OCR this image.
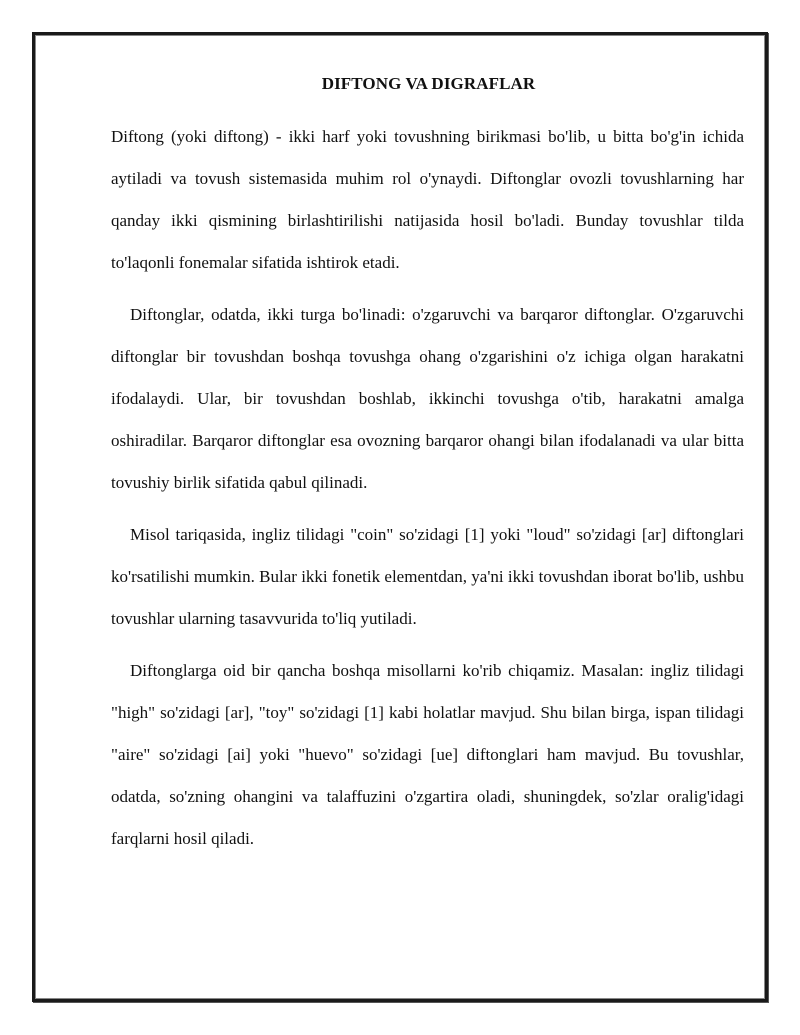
DIFTONG VA DIGRAFLAR

Diftong (yoki diftong) - ikki harf yoki tovushning birikmasi bo'lib, u bitta bo'g'in ichida aytiladi va tovush sistemasida muhim rol o'ynaydi. Diftonglar ovozli tovushlarning har qanday ikki qismining birlashtirilishi natijasida hosil bo'ladi. Bunday tovushlar tilda to'laqonli fonemalar sifatida ishtirok etadi.

Diftonglar, odatda, ikki turga bo'linadi: o'zgaruvchi va barqaror diftonglar. O'zgaruvchi diftonglar bir tovushdan boshqa tovushga ohang o'zgarishini o'z ichiga olgan harakatni ifodalaydi. Ular, bir tovushdan boshlab, ikkinchi tovushga o'tib, harakatni amalga oshiradilar. Barqaror diftonglar esa ovozning barqaror ohangi bilan ifodalanadi va ular bitta tovushiy birlik sifatida qabul qilinadi.

Misol tariqasida, ingliz tilidagi "coin" so'zidagi [1] yoki "loud" so'zidagi [ar] diftonglari ko'rsatilishi mumkin. Bular ikki fonetik elementdan, ya'ni ikki tovushdan iborat bo'lib, ushbu tovushlar ularning tasavvurida to'liq yutiladi.

Diftonglarga oid bir qancha boshqa misollarni ko'rib chiqamiz. Masalan: ingliz tilidagi "high" so'zidagi [ar], "toy" so'zidagi [1] kabi holatlar mavjud. Shu bilan birga, ispan tilidagi "aire" so'zidagi [ai] yoki "huevo" so'zidagi [ue] diftonglari ham mavjud. Bu tovushlar, odatda, so'zning ohangini va talaffuzini o'zgartira oladi, shuningdek, so'zlar oralig'idagi farqlarni hosil qiladi.
